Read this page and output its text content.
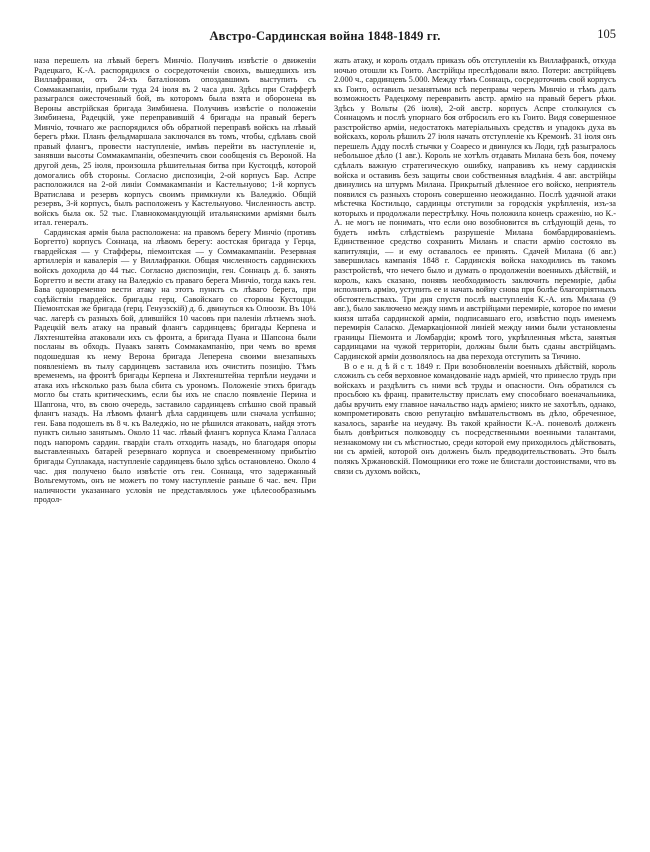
Австро-Сардинская война 1848-1849 гг.	105

наза перешелъ на лѣвый берегъ Минчіо. Получивъ извѣстіе о движеніи Радецкаго, К.-А. распорядился о сосредоточеніи своихъ, вышедшихъ изъ Виллафранки, отъ 24-хъ баталіоновъ опоздавшимъ выступить съ Соммакампаніи, прибыли туда 24 іюля въ 2 часа дня. Здѣсь при Стафферѣ разыгрался ожесточенный бой, въ которомъ была взята и оборонена въ Вероны австрійская бригада Зимбинена. Получивъ извѣстіе о положеніи Зимбинена, Радецкій, уже переправившій 4 бригады на правый берегъ Минчіо, точнаго же распорядился объ обратной переправѣ войскъ на лѣвый берегъ рѣки. Планъ фельдмаршала заключался въ томъ, чтобы, сдѣлавъ свой правый флангъ, провести наступленіе, имѣвъ перейти въ наступленіе и, занявши высоты Соммакампаніи, обезпечить свои сообщенія съ Вероной. На другой день, 25 іюля, произошла рѣшительная битва при Кустоццѣ, которой домогались обѣ стороны. Согласно диспозиціи, 2-ой корпусъ Бар. Аспре расположился на 2-ой линіи Соммакампаніи и Кастельнуово; 1-й корпусъ Вратислава и резервъ корпусъ своимъ примкнули къ Валеджіо. Общій резервъ, 3-й корпусъ, былъ расположенъ у Кастельнуово. Численность австр. войскъ была ок. 52 тыс. Главнокомандующій итальянскими арміями былъ итал. генералъ.

Сардинская армія была расположена: на правомъ берегу Минчіо (противъ Боргетто) корпусъ Соннаца, на лѣвомъ берегу: аостская бригада у Герца, гвардейская — у Стафферы, піемонтская — у Соммакампаніи. Резервная артиллерія и кавалерія — у Виллафранки. Общая численность сардинскихъ войскъ доходила до 44 тыс. Согласно диспозиціи, ген. Соннацъ д. б. занять Боргетто и вести атаку на Валеджіо съ праваго берега Минчіо, тогда какъ ген. Бава одновременно вести атаку на этотъ пунктъ съ лѣваго берега, при содѣйствіи гвардейск. бригады герц. Савойскаго со стороны Кустоцци. Піемонтская же бригада (герц. Генуэзскій) д. б. двинуться къ Олюози. Въ 10¼ час. лагерѣ съ разныхъ бой, длившійся 10 часовъ при паленіи лѣтнемъ зноѣ. Радецкій велъ атаку на правый флангъ сардинцевъ; бригады Керпена и Ляхтенштейна атаковали ихъ съ фронта, а бригада Пуана и Шапсона были посланы въ обходъ. Пуаакъ занять Соммакампанію, при чемъ во время подошедшая къ нему Верона бригада Леперена своими внезапныхъ появленіемъ въ тылу сардинцевъ заставила ихъ очистить позицію. Тѣмъ временемъ, на фронтѣ бригады Керпена и Ляхтенштейна терпѣли неудачи и атака ихъ нѣсколько разъ была сбита съ урономъ. Положеніе этихъ бригадъ могло бы стать критическимъ, если бы ихъ не спасло появленіе Перина и Шапгона, что, въ свою очередь, заставило сардинцевъ спѣшно свой правый флангъ назадъ. На лѣвомъ флангѣ дѣла сардинцевъ шли сначала успѣшно; ген. Бава подошелъ въ 8 ч. къ Валеджіо, но не рѣшился атаковать, найдя этотъ пунктъ сильно занятымъ. Около 11 час. лѣвый флангъ корпуса Клама Галласа подъ напоромъ сардин. гвардіи сталъ отходить назадъ, но благодаря опоры выставленныхъ батарей резервнаго корпуса и своевременному прибытію бригады Суплакада, наступленіе сардинцевъ было здѣсь остановлено. Около 4 час. дня получено было извѣстіе отъ ген. Соннаца, что задержанный Вольгемутомъ, онъ не можетъ по тому наступленіе раньше 6 час. веч. При наличности указаннаго условія не представлялось уже цѣлесообразнымъ продол-

жать атаку, и король отдалъ приказъ объ отступленіи къ Виллафранкѣ, откуда ночью отошли къ Гоито. Австрійцы преслѣдовали вяло. Потери: австрійцевъ 2.000 ч., сардинцевъ 5.000. Между тѣмъ Соннацъ, сосредоточивъ свой корпусъ къ Гоито, оставилъ незанятыми всѣ переправы черезъ Минчіо и тѣмъ далъ возможность Радецкому перевравить австр. армію на правый берегъ рѣки. Здѣсь у Вольты (26 іюля), 2-ой австр. корпусъ Аспре столкнулся съ Соннацомъ и послѣ упорнаго боя отбросилъ его къ Гоито. Видя совершенное разстройство арміи, недостатокъ матеріальныхъ средствъ и упадокъ духа въ войскахъ, король рѣшилъ 27 іюля начать отступленіе къ Кремонѣ. 31 іюля онъ перешелъ Адду послѣ стычки у Соаресо и двинулся къ Лоди, гдѣ разыгралось небольшое дѣло (1 авг.). Король не хотѣлъ отдавать Милана безъ боя, почему сдѣлалъ важную стратегическую ошибку, направивъ къ нему сардинскія войска и оставивъ безъ защиты свои собственныя владѣнія. 4 авг. австрійцы двинулись на штурмъ Милана. Прикрытый дѣленное его войско, неприятель появился съ разныхъ сторонъ совершенно неожиданно. Послѣ удачной атаки мѣстечка Костильцо, сардинцы отступили за городскія укрѣпленія, изъ-за которыхъ и продолжали перестрѣлку. Ночь положила конецъ сраженію, но К.-А. не могъ не понимать, что если оно возобновится въ слѣдующій день, то будетъ имѣть слѣдствіемъ разрушеніе Милана бомбардированіемъ. Единственное средство сохранить Миланъ и спасти армію состояло въ капитуляціи, — и ему оставалось ее принять. Сдачей Милана (6 авг.) завершилась кампанія 1848 г. Сардинскія войска находились въ такомъ разстройствѣ, что нечего было и думать о продолженіи военныхъ дѣйствій, и король, какъ сказано, понявъ необходимость заключить перемиріе, дабы исполнить армію, уступить ее и начать войну снова при болѣе благопріятныхъ обстоятельствахъ. Три дня спустя послѣ выступленія К.-А. изъ Милана (9 авг.), было заключено между нимъ и австрійцами перемиріе, которое по имени князя штаба сардинской арміи, подписавшаго его, извѣстно подъ именемъ перемирія Саласко. Демаркаціонной линіей между ними были установлены границы Піемонта и Ломбардіи; кромѣ того, укрѣпленныя мѣста, занятыя сардинцами на чужой территоріи, должны были быть сданы австрійцамъ. Сардинской арміи дозволялось на два перехода отступить за Тичино.

В о е н. д ѣ й с т. 1849 г. При возобновленіи военныхъ дѣйствій, король сложилъ съ себя верховное командованіе надъ арміей, что принесло трудъ при войскахъ и раздѣлитъ съ ними всѣ труды и опасности. Онъ обратился съ просьбою къ франц. правительству прислать ему способнаго военачальника, дабы вручить ему главное начальство надъ арміею; никто не захотѣлъ, однако, компрометировать свою репутацію вмѣшательствомъ въ дѣло, обреченное, казалось, заранѣе на неудачу. Въ такой крайности К.-А. поневолѣ долженъ былъ довѣриться полководцу съ посредственными военными талантами, незнакомому ни съ мѣстностью, среди которой ему приходилось дѣйствовать, ни съ арміей, которой онъ долженъ былъ предводительствовать. Это былъ полякъ Хржановскій. Помощники его тоже не блистали достоинствами, что въ связи съ духомъ войскъ,
